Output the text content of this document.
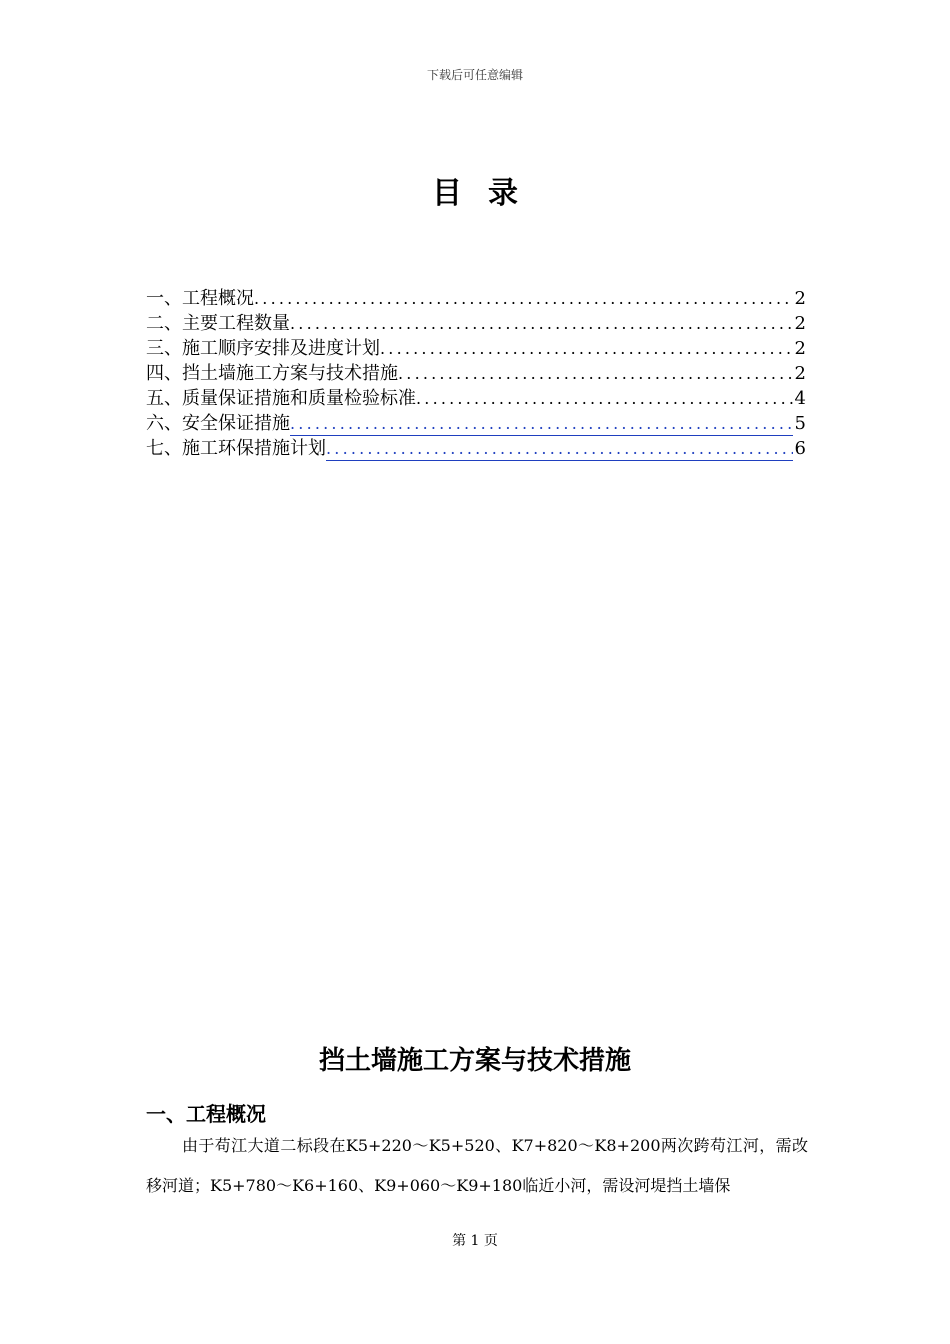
下载后可任意编辑
目录
一、工程概况 .....	2
二、主要工程数量 .....	2
三、施工顺序安排及进度计划 .....	2
四、挡土墙施工方案与技术措施 .....	2
五、质量保证措施和质量检验标准 .....	4
六、安全保证措施 .....	5
七、施工环保措施计划 .....	6
挡土墙施工方案与技术措施
一、工程概况
由于苟江大道二标段在K5+220～K5+520、K7+820～K8+200两次跨苟江河，需改移河道；K5+780～K6+160、K9+060～K9+180临近小河，需设河堤挡土墙保
第 1 页
